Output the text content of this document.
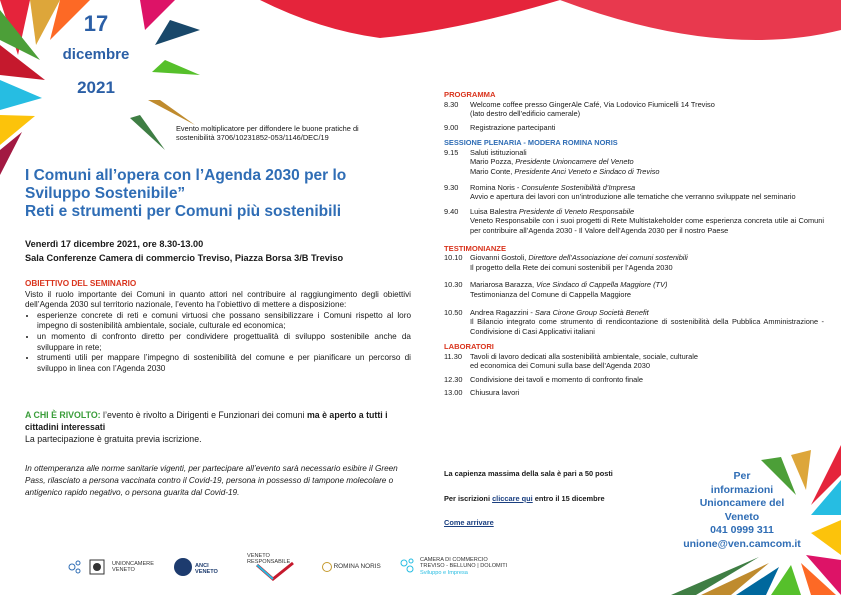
17
dicembre
2021
Evento moltiplicatore per diffondere le buone pratiche di
sostenibilità 3706/10231852-053/1146/DEC/19
I Comuni all’opera con l’Agenda 2030 per lo
Sviluppo Sostenibile”
Reti e strumenti per Comuni più sostenibili
Venerdì 17 dicembre 2021, ore 8.30-13.00
Sala Conferenze Camera di commercio Treviso, Piazza Borsa 3/B Treviso
OBIETTIVO DEL SEMINARIO
Visto il ruolo importante dei Comuni in quanto attori nel contribuire al raggiungimento degli obiettivi dell’Agenda 2030 sul territorio nazionale, l’evento ha l’obiettivo di mettere a disposizione:
• esperienze concrete di reti e comuni virtuosi che possano sensibilizzare i Comuni rispetto al loro impegno di sostenibilità ambientale, sociale, culturale ed economica;
• un momento di confronto diretto per condividere progettualità di sviluppo sostenibile anche da sviluppare in rete;
• strumenti utili per mappare l’impegno di sostenibilità del comune e per pianificare un percorso di sviluppo in linea con l’Agenda 2030
A CHI È RIVOLTO: l’evento è rivolto a Dirigenti e Funzionari dei comuni ma è aperto a tutti i cittadini interessati
La partecipazione è gratuita previa iscrizione.
In ottemperanza alle norme sanitarie vigenti, per partecipare all’evento sarà necessario esibire il Green Pass, rilasciato a persona vaccinata contro il Covid-19, persona in possesso di tampone molecolare o antigenico rapido negativo, o persona guarita dal Covid-19.
PROGRAMMA
8.30	Welcome coffee presso GingerAle Café, Via Lodovico Fiumicelli 14 Treviso
(lato destro dell’edificio camerale)
9.00	Registrazione partecipanti
SESSIONE PLENARIA - MODERA ROMINA NORIS
9.15	Saluti istituzionali
Mario Pozza, Presidente Unioncamere del Veneto
Mario Conte, Presidente Anci Veneto e Sindaco di Treviso
9.30	Romina Noris - Consulente Sostenibilità d’Impresa
Avvio e apertura dei lavori con un’introduzione alle tematiche che verranno sviluppate nel seminario
9.40	Luisa Balestra Presidente di Veneto Responsabile
Veneto Responsabile con i suoi progetti di Rete Multistakeholder come esperienza concreta utile ai Comuni per contribuire all’Agenda 2030 - Il Valore dell’Agenda 2030 per il nostro Paese
TESTIMONIANZE
10.10	Giovanni Gostoli, Direttore dell’Associazione dei comuni sostenibili
Il progetto della Rete dei comuni sostenibili per l’Agenda 2030
10.30	Mariarosa Barazza, Vice Sindaco di Cappella Maggiore (TV)
Testimonianza del Comune di Cappella Maggiore
10.50	Andrea Ragazzini - Sara Cirone Group Società Benefit
Il Bilancio integrato come strumento di rendicontazione di sostenibilità della Pubblica Amministrazione - Condivisione di Casi Applicativi italiani
LABORATORI
11.30	Tavoli di lavoro dedicati alla sostenibilità ambientale, sociale, culturale
ed economica dei Comuni sulla base dell’Agenda 2030
12.30	Condivisione dei tavoli e momento di confronto finale
13.00	Chiusura lavori
La capienza massima della sala è pari a 50 posti
Per iscrizioni cliccare qui entro il 15 dicembre
Come arrivare
Per
informazioni
Unioncamere del
Veneto
041 0999 311
unione@ven.camcom.it
UNIONCAMERE VENETO
ANCI VENETO
VENETO RESPONSABILE
ROMINA NORIS
CAMERA DI COMMERCIO
TREVISO - BELLUNO | DOLOMITI
Sviluppo e Impresa
